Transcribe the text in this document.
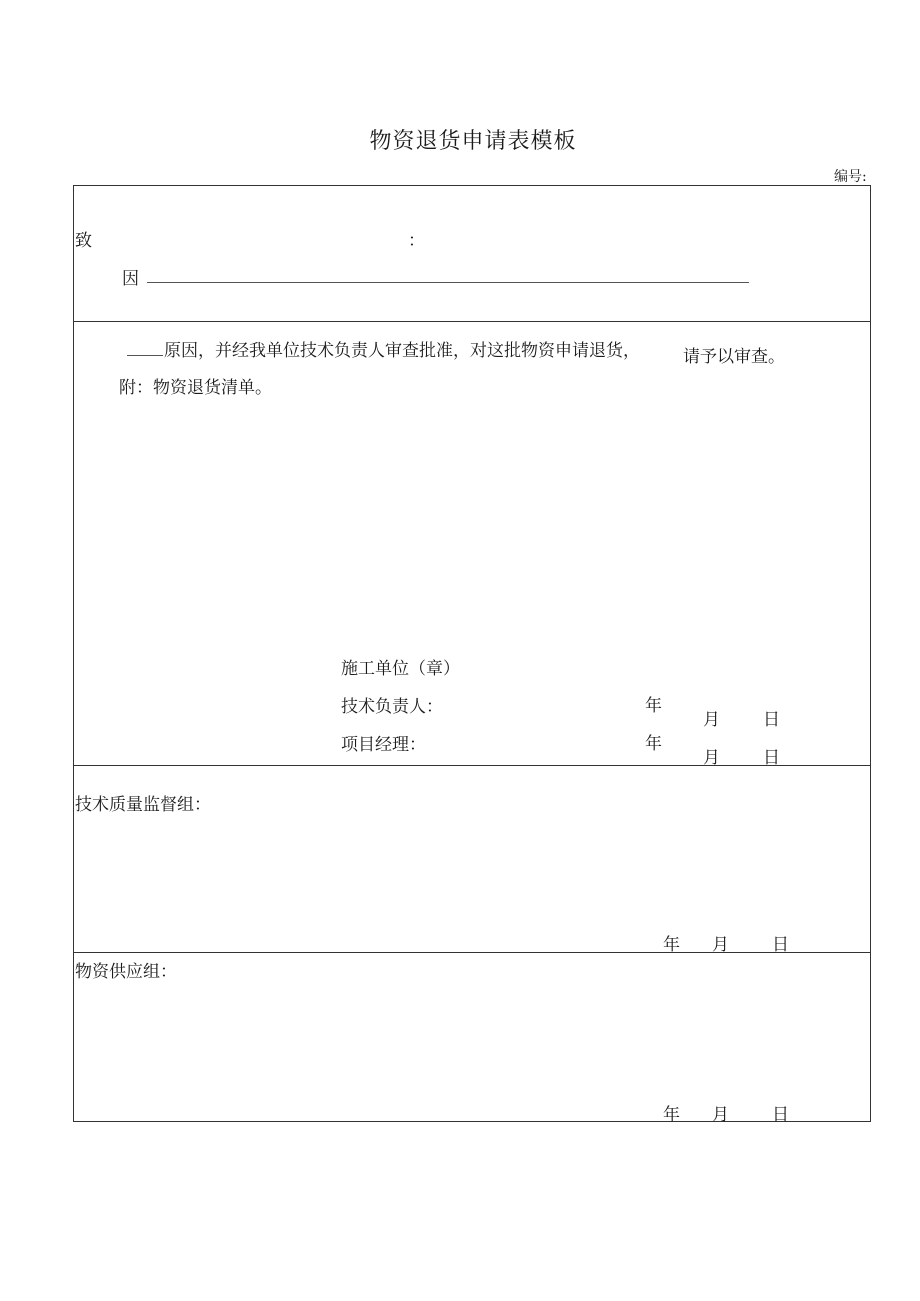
物资退货申请表模板
编号:
致	：
因
原因，并经我单位技术负责人审查批准，对这批物资申请退货，	请予以审查。
附：物资退货清单。
施工单位（章）
技术负责人：	年
月	日
项目经理：	年
月	日
技术质量监督组：
年 月	日
物资供应组：
年 月	日
